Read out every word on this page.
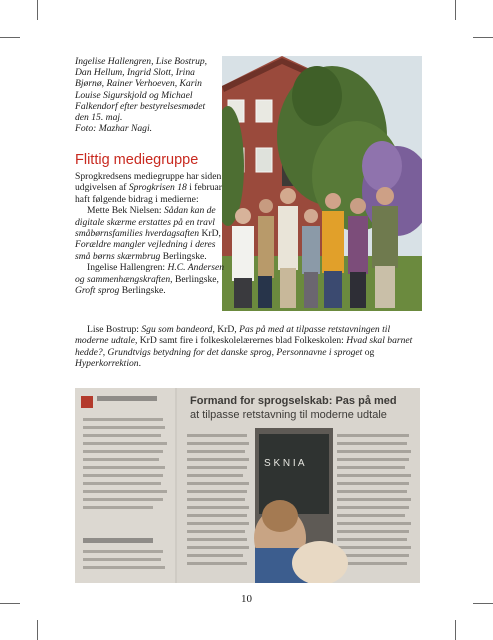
Ingelise Hallengren, Lise Bostrup,
Dan Hellum, Ingrid Slott, Irina
Bjørnø, Rainer Verhoeven, Karin
Louise Sigurskjold og Michael
Falkendorf efter bestyrelsesmødet
den 15. maj.
Foto: Mazhar Nagi.
Flittig mediegruppe

Sprogkredsens mediegruppe har siden udgivelsen af Sprogkrisen 18 i februar haft følgende bidrag i medierne:

Mette Bek Nielsen: Sådan kan de digitale skærme erstattes på en travl småbørnsfamilies hverdagsaften KrD, Forældre mangler vejledning i deres små børns skærmbrug Berlingske.

Ingelise Hallengren: H.C. Andersen og sammenhængskraften, Berlingske, Groft sprog Berlingske.

Lise Bostrup: Sgu som bandeord, KrD, Pas på med at tilpasse retstavningen til moderne udtale, KrD samt fire i folkeskolelærernes blad Folkeskolen: Hvad skal barnet hedde?, Grundtvigs betydning for det danske sprog, Personnavne i sproget og Hyperkorrektion.

Formand for sprogselskab: Pas på med
at tilpasse retstavning til moderne udtale
S K N I A
10
